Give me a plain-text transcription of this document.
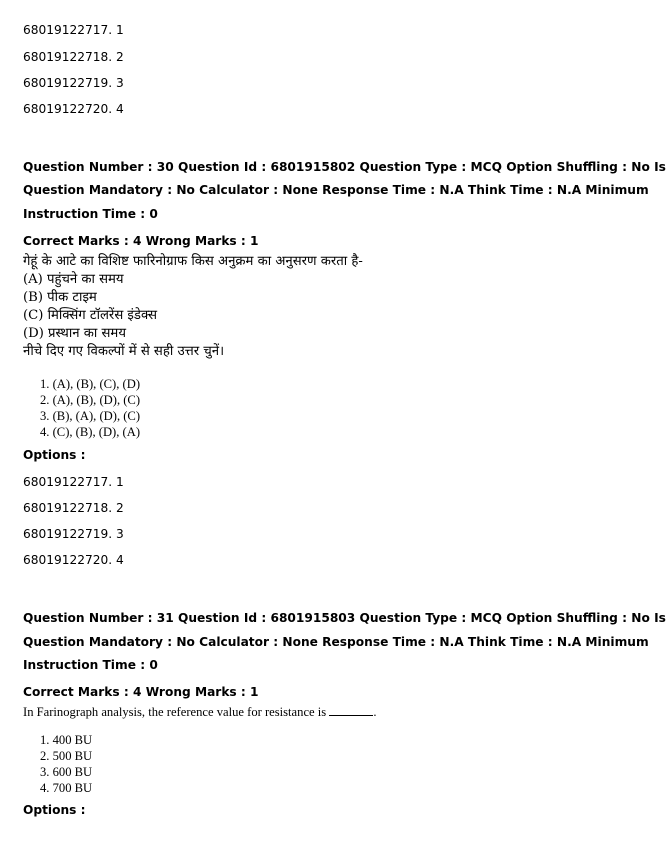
68019122717. 1
68019122718. 2
68019122719. 3
68019122720. 4
Question Number : 30 Question Id : 6801915802 Question Type : MCQ Option Shuffling : No Is
Question Mandatory : No Calculator : None Response Time : N.A Think Time : N.A Minimum
Instruction Time : 0
Correct Marks : 4 Wrong Marks : 1
गेहूं के आटे का विशिष्ट फारिनोग्राफ किस अनुक्रम का अनुसरण करता है-
(A) पहुंचने का समय
(B) पीक टाइम
(C) मिक्सिंग टॉलरेंस इंडेक्स
(D) प्रस्थान का समय
नीचे दिए गए विकल्पों में से सही उत्तर चुनें।
1. (A), (B), (C), (D)
2. (A), (B), (D), (C)
3. (B), (A), (D), (C)
4. (C), (B), (D), (A)
Options :
68019122717. 1
68019122718. 2
68019122719. 3
68019122720. 4
Question Number : 31 Question Id : 6801915803 Question Type : MCQ Option Shuffling : No Is
Question Mandatory : No Calculator : None Response Time : N.A Think Time : N.A Minimum
Instruction Time : 0
Correct Marks : 4 Wrong Marks : 1
In Farinograph analysis, the reference value for resistance is	.
1. 400 BU
2. 500 BU
3. 600 BU
4. 700 BU
Options :
